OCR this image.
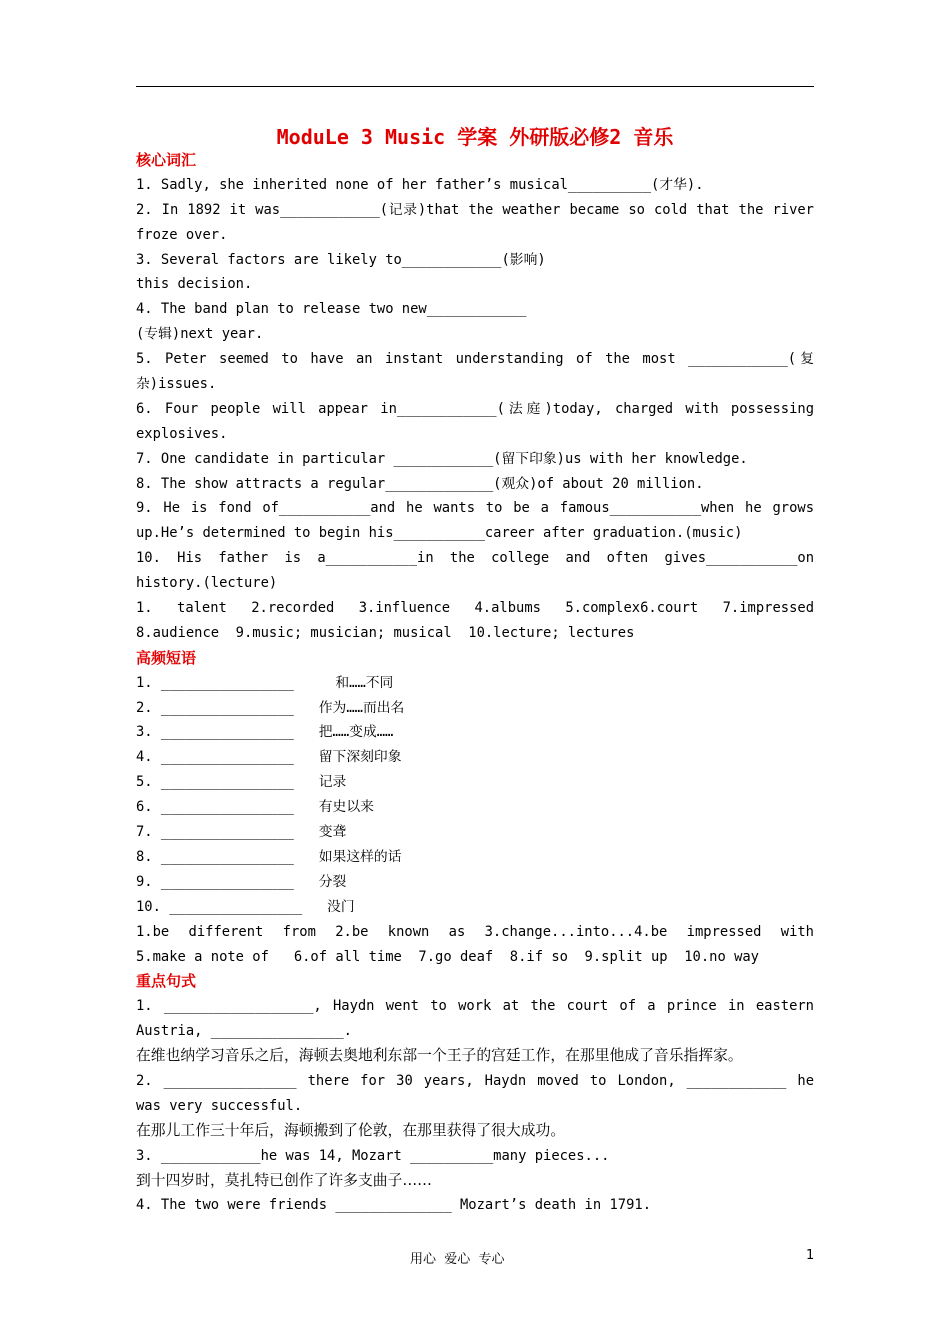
ModuLe 3 Music 学案 外研版必修2 音乐
核心词汇
1. Sadly, she inherited none of her father’s musical__________(才华).
2. In 1892 it was____________(记录)that the weather became so cold that the river
froze over.
3. Several factors are likely to____________(影响)
this decision.
4. The band plan to release two new____________
(专辑)next year.
5. Peter seemed to have an instant understanding of the most ____________(复
杂)issues.
6. Four people will appear in____________(法庭)today, charged with possessing
explosives.
7. One candidate in particular ____________(留下印象)us with her knowledge.
8. The show attracts a regular_____________(观众)of about 20 million.
9. He is fond of___________and he wants to be a famous___________when he grows
up.He’s determined to begin his___________career after graduation.(music)
10. His father is a___________in the college and often gives___________on
history.(lecture)
1. talent 2.recorded 3.influence 4.albums 5.complex6.court 7.impressed
8.audience  9.music; musician; musical  10.lecture; lectures
高频短语
1. ________________     和……不同
2. ________________   作为……而出名
3. ________________   把……变成……
4. ________________   留下深刻印象
5. ________________   记录
6. ________________   有史以来
7. ________________   变聋
8. ________________   如果这样的话
9. ________________   分裂
10. ________________   没门
1.be different from 2.be known as 3.change...into...4.be impressed with
5.make a note of   6.of all time  7.go deaf  8.if so  9.split up  10.no way
重点句式
1. __________________, Haydn went to work at the court of a prince in eastern
Austria, ________________.
在维也纳学习音乐之后，海顿去奥地利东部一个王子的宫廷工作，在那里他成了音乐指挥家。
2. ________________ there for 30 years, Haydn moved to London, ____________ he
was very successful.
在那儿工作三十年后，海顿搬到了伦敦，在那里获得了很大成功。
3. ____________he was 14, Mozart __________many pieces...
到十四岁时，莫扎特已创作了许多支曲子……
4. The two were friends ______________ Mozart’s death in 1791.
用心  爱心  专心	1
